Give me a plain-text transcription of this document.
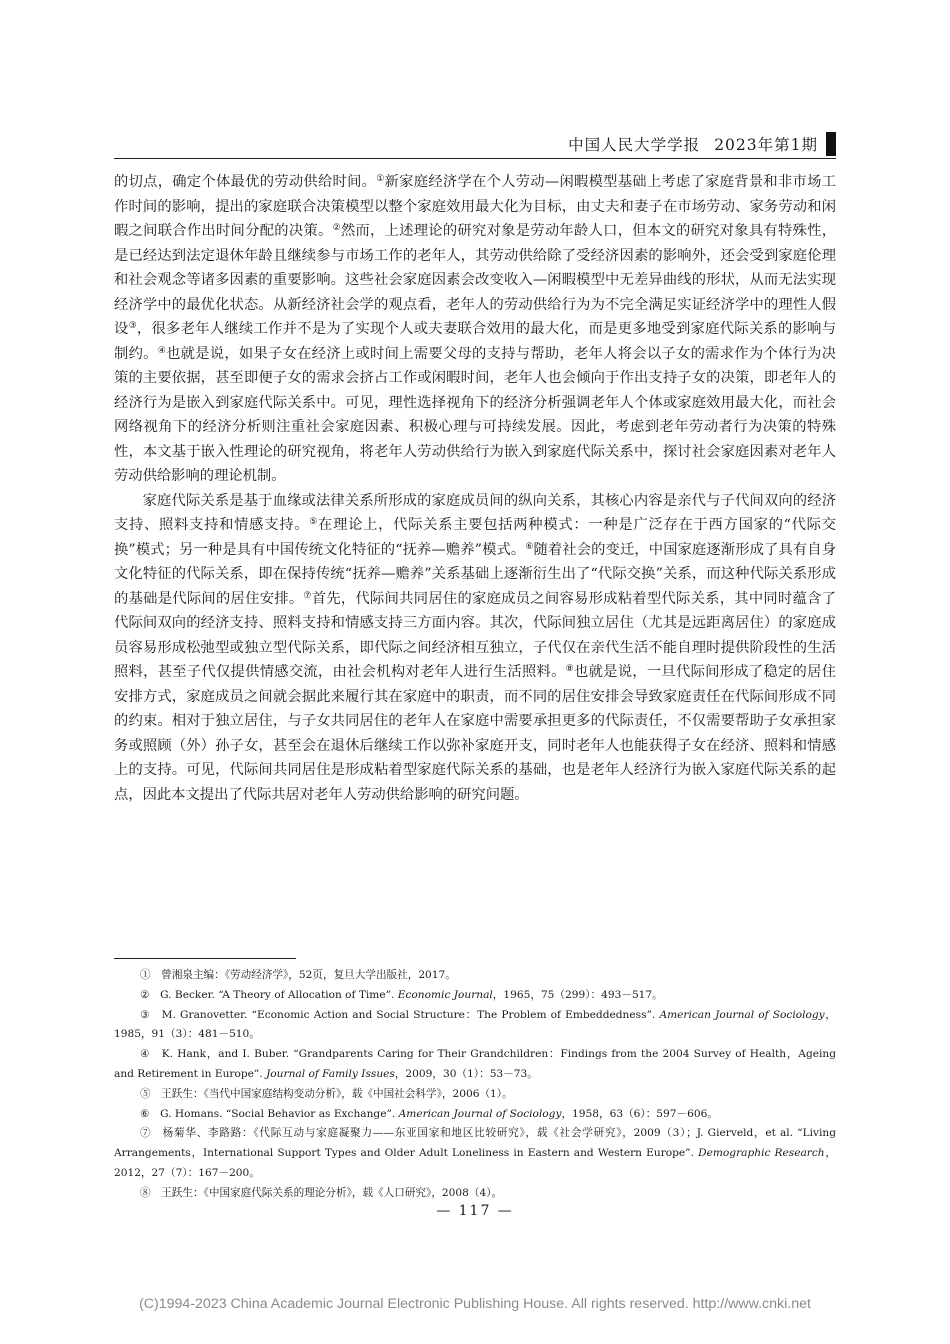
中国人民大学学报 2023年第1期

的切点，确定个体最优的劳动供给时间。①新家庭经济学在个人劳动—闲暇模型基础上考虑了家庭背景和非市场工作时间的影响，提出的家庭联合决策模型以整个家庭效用最大化为目标，由丈夫和妻子在市场劳动、家务劳动和闲暇之间联合作出时间分配的决策。②然而，上述理论的研究对象是劳动年龄人口，但本文的研究对象具有特殊性，是已经达到法定退休年龄且继续参与市场工作的老年人，其劳动供给除了受经济因素的影响外，还会受到家庭伦理和社会观念等诸多因素的重要影响。这些社会家庭因素会改变收入—闲暇模型中无差异曲线的形状，从而无法实现经济学中的最优化状态。从新经济社会学的观点看，老年人的劳动供给行为为不完全满足实证经济学中的理性人假设③，很多老年人继续工作并不是为了实现个人或夫妻联合效用的最大化，而是更多地受到家庭代际关系的影响与制约。④也就是说，如果子女在经济上或时间上需要父母的支持与帮助，老年人将会以子女的需求作为个体行为决策的主要依据，甚至即便子女的需求会挤占工作或闲暇时间，老年人也会倾向于作出支持子女的决策，即老年人的经济行为是嵌入到家庭代际关系中。可见，理性选择视角下的经济分析强调老年人个体或家庭效用最大化，而社会网络视角下的经济分析则注重社会家庭因素、积极心理与可持续发展。因此，考虑到老年劳动者行为决策的特殊性，本文基于嵌入性理论的研究视角，将老年人劳动供给行为嵌入到家庭代际关系中，探讨社会家庭因素对老年人劳动供给影响的理论机制。

家庭代际关系是基于血缘或法律关系所形成的家庭成员间的纵向关系，其核心内容是亲代与子代间双向的经济支持、照料支持和情感支持。⑤在理论上，代际关系主要包括两种模式：一种是广泛存在于西方国家的“代际交换”模式；另一种是具有中国传统文化特征的“抚养—赡养”模式。⑥随着社会的变迁，中国家庭逐渐形成了具有自身文化特征的代际关系，即在保持传统“抚养—赡养”关系基础上逐渐衍生出了“代际交换”关系，而这种代际关系形成的基础是代际间的居住安排。⑦首先，代际间共同居住的家庭成员之间容易形成粘着型代际关系，其中同时蕴含了代际间双向的经济支持、照料支持和情感支持三方面内容。其次，代际间独立居住（尤其是远距离居住）的家庭成员容易形成松弛型或独立型代际关系，即代际之间经济相互独立，子代仅在亲代生活不能自理时提供阶段性的生活照料，甚至子代仅提供情感交流，由社会机构对老年人进行生活照料。⑧也就是说，一旦代际间形成了稳定的居住安排方式，家庭成员之间就会据此来履行其在家庭中的职责，而不同的居住安排会导致家庭责任在代际间形成不同的约束。相对于独立居住，与子女共同居住的老年人在家庭中需要承担更多的代际责任，不仅需要帮助子女承担家务或照顾（外）孙子女，甚至会在退休后继续工作以弥补家庭开支，同时老年人也能获得子女在经济、照料和情感上的支持。可见，代际间共同居住是形成粘着型家庭代际关系的基础，也是老年人经济行为嵌入家庭代际关系的起点，因此本文提出了代际共居对老年人劳动供给影响的研究问题。

①　曾湘泉主编：《劳动经济学》，52页，复旦大学出版社，2017。

②　G. Becker. “A Theory of Allocation of Time”. Economic Journal，1965，75（299）：493－517。

③　M. Granovetter. “Economic Action and Social Structure：The Problem of Embeddedness”. American Journal of Sociology，1985，91（3）：481－510。

④　K. Hank，and I. Buber. “Grandparents Caring for Their Grandchildren：Findings from the 2004 Survey of Health，Ageing and Retirement in Europe”. Journal of Family Issues，2009，30（1）：53－73。

⑤　王跃生：《当代中国家庭结构变动分析》，载《中国社会科学》，2006（1）。

⑥　G. Homans. “Social Behavior as Exchange”. American Journal of Sociology，1958，63（6）：597－606。

⑦　杨菊华、李路路：《代际互动与家庭凝聚力——东亚国家和地区比较研究》，载《社会学研究》，2009（3）；J. Gierveld，et al. “Living Arrangements，International Support Types and Older Adult Loneliness in Eastern and Western Europe”. Demographic Research，2012，27（7）：167－200。

⑧　王跃生：《中国家庭代际关系的理论分析》，载《人口研究》，2008（4）。

— 117 —
(C)1994-2023 China Academic Journal Electronic Publishing House. All rights reserved. http://www.cnki.net
